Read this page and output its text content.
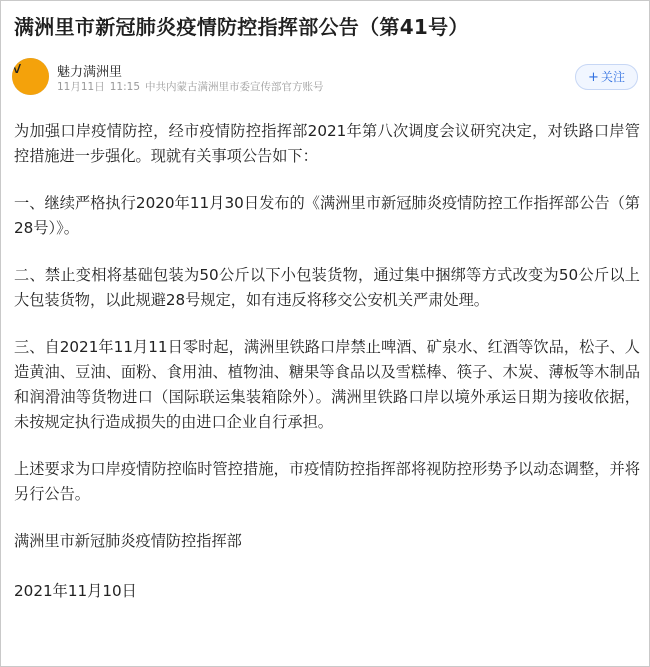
满洲里市新冠肺炎疫情防控指挥部公告（第41号）
v	魅力满洲里
11月11日 11:15 中共内蒙古满洲里市委宣传部官方账号
+ 关注

为加强口岸疫情防控，经市疫情防控指挥部2021年第八次调度会议研究决定，对铁路口岸管控措施进一步强化。现就有关事项公告如下：

一、继续严格执行2020年11月30日发布的《满洲里市新冠肺炎疫情防控工作指挥部公告（第28号）》。

二、禁止变相将基础包装为50公斤以下小包装货物，通过集中捆绑等方式改变为50公斤以上大包装货物，以此规避28号规定，如有违反将移交公安机关严肃处理。

三、自2021年11月11日零时起，满洲里铁路口岸禁止啤酒、矿泉水、红酒等饮品，松子、人造黄油、豆油、面粉、食用油、植物油、糖果等食品以及雪糕棒、筷子、木炭、薄板等木制品和润滑油等货物进口（国际联运集装箱除外）。满洲里铁路口岸以境外承运日期为接收依据，未按规定执行造成损失的由进口企业自行承担。

上述要求为口岸疫情防控临时管控措施，市疫情防控指挥部将视防控形势予以动态调整，并将另行公告。

满洲里市新冠肺炎疫情防控指挥部

2021年11月10日
